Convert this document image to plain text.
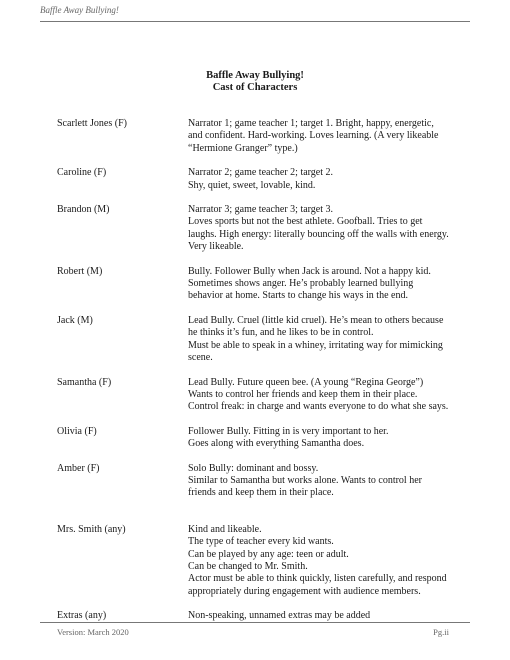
Baffle Away Bullying!
Baffle Away Bullying!
Cast of Characters
Scarlett Jones (F)	Narrator 1; game teacher 1; target 1. Bright, happy, energetic,
and confident. Hard-working. Loves learning. (A very likeable
“Hermione Granger” type.)
Caroline (F)	Narrator 2; game teacher 2; target 2.
Shy, quiet, sweet, lovable, kind.
Brandon (M)	Narrator 3; game teacher 3; target 3.
Loves sports but not the best athlete. Goofball. Tries to get
laughs. High energy: literally bouncing off the walls with energy.
Very likeable.
Robert (M)	Bully. Follower Bully when Jack is around. Not a happy kid.
Sometimes shows anger. He’s probably learned bullying
behavior at home. Starts to change his ways in the end.
Jack (M)	Lead Bully. Cruel (little kid cruel). He’s mean to others because
he thinks it’s fun, and he likes to be in control.
Must be able to speak in a whiney, irritating way for mimicking
scene.
Samantha (F)	Lead Bully. Future queen bee. (A young “Regina George”)
Wants to control her friends and keep them in their place.
Control freak: in charge and wants everyone to do what she says.
Olivia (F)	Follower Bully. Fitting in is very important to her.
Goes along with everything Samantha does.
Amber (F)	Solo Bully: dominant and bossy.
Similar to Samantha but works alone. Wants to control her
friends and keep them in their place.
Mrs. Smith (any)	Kind and likeable.
The type of teacher every kid wants.
Can be played by any age: teen or adult.
Can be changed to Mr. Smith.
Actor must be able to think quickly, listen carefully, and respond
appropriately during engagement with audience members.
Extras (any)	Non-speaking, unnamed extras may be added
Version: March 2020	Pg.ii
